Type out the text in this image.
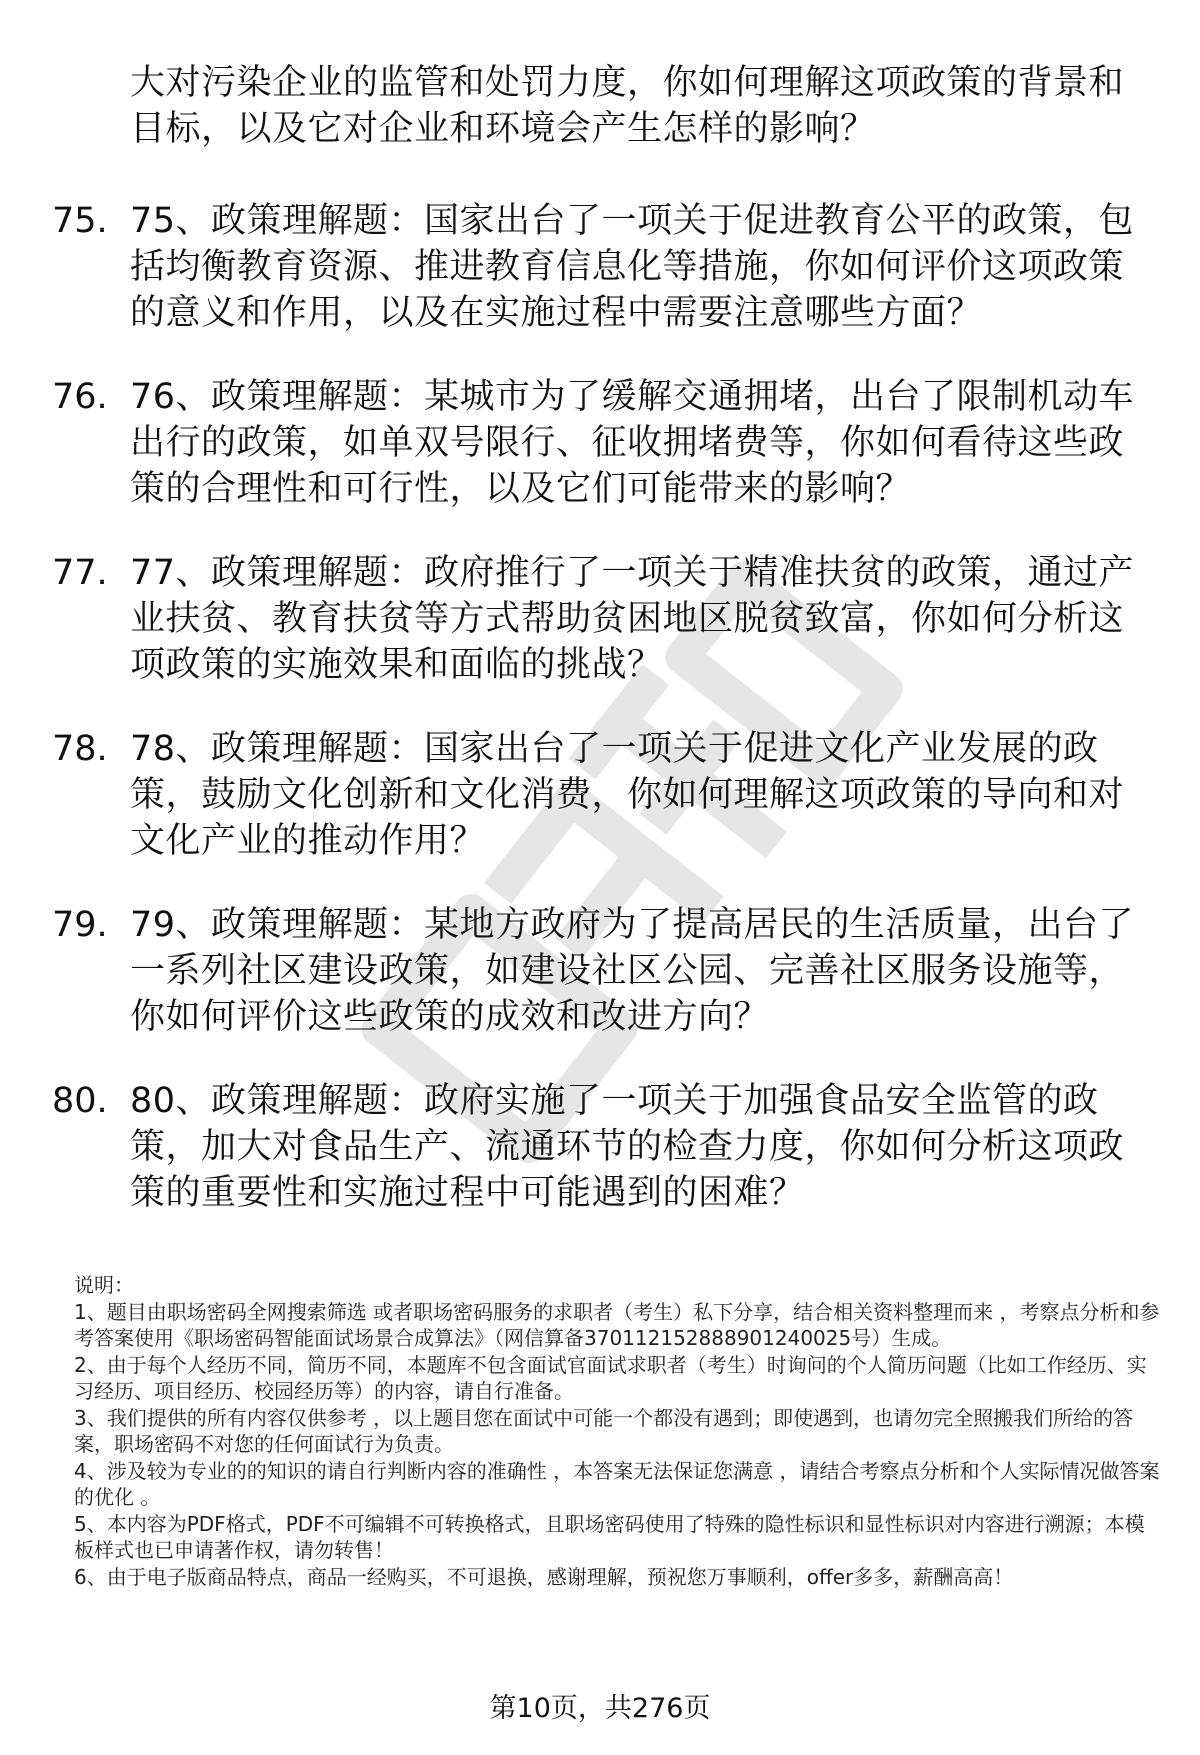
大对污染企业的监管和处罚力度，你如何理解这项政策的背景和目标，以及它对企业和环境会产生怎样的影响？
75. 75、政策理解题：国家出台了一项关于促进教育公平的政策，包括均衡教育资源、推进教育信息化等措施，你如何评价这项政策的意义和作用，以及在实施过程中需要注意哪些方面？
76. 76、政策理解题：某城市为了缓解交通拥堵，出台了限制机动车出行的政策，如单双号限行、征收拥堵费等，你如何看待这些政策的合理性和可行性，以及它们可能带来的影响？
77. 77、政策理解题：政府推行了一项关于精准扶贫的政策，通过产业扶贫、教育扶贫等方式帮助贫困地区脱贫致富，你如何分析这项政策的实施效果和面临的挑战？
78. 78、政策理解题：国家出台了一项关于促进文化产业发展的政策，鼓励文化创新和文化消费，你如何理解这项政策的导向和对文化产业的推动作用？
79. 79、政策理解题：某地方政府为了提高居民的生活质量，出台了一系列社区建设政策，如建设社区公园、完善社区服务设施等，你如何评价这些政策的成效和改进方向？
80. 80、政策理解题：政府实施了一项关于加强食品安全监管的政策，加大对食品生产、流通环节的检查力度，你如何分析这项政策的重要性和实施过程中可能遇到的困难？

说明：

1、题目由职场密码全网搜索筛选 或者职场密码服务的求职者（考生）私下分享，结合相关资料整理而来 ，考察点分析和参考答案使用《职场密码智能面试场景合成算法》（网信算备370112152888901240025号）生成。

2、由于每个人经历不同，简历不同，本题库不包含面试官面试求职者（考生）时询问的个人简历问题（比如工作经历、实习经历、项目经历、校园经历等）的内容，请自行准备。

3、我们提供的所有内容仅供参考 ，以上题目您在面试中可能一个都没有遇到；即使遇到，也请勿完全照搬我们所给的答案，职场密码不对您的任何面试行为负责。

4、涉及较为专业的的知识的请自行判断内容的准确性 ，本答案无法保证您满意 ，请结合考察点分析和个人实际情况做答案的优化 。

5、本内容为PDF格式，PDF不可编辑不可转换格式，且职场密码使用了特殊的隐性标识和显性标识对内容进行溯源；本模板样式也已申请著作权，请勿转售！

6、由于电子版商品特点，商品一经购买，不可退换，感谢理解，预祝您万事顺利，offer多多，薪酬高高！

第10页，共276页
